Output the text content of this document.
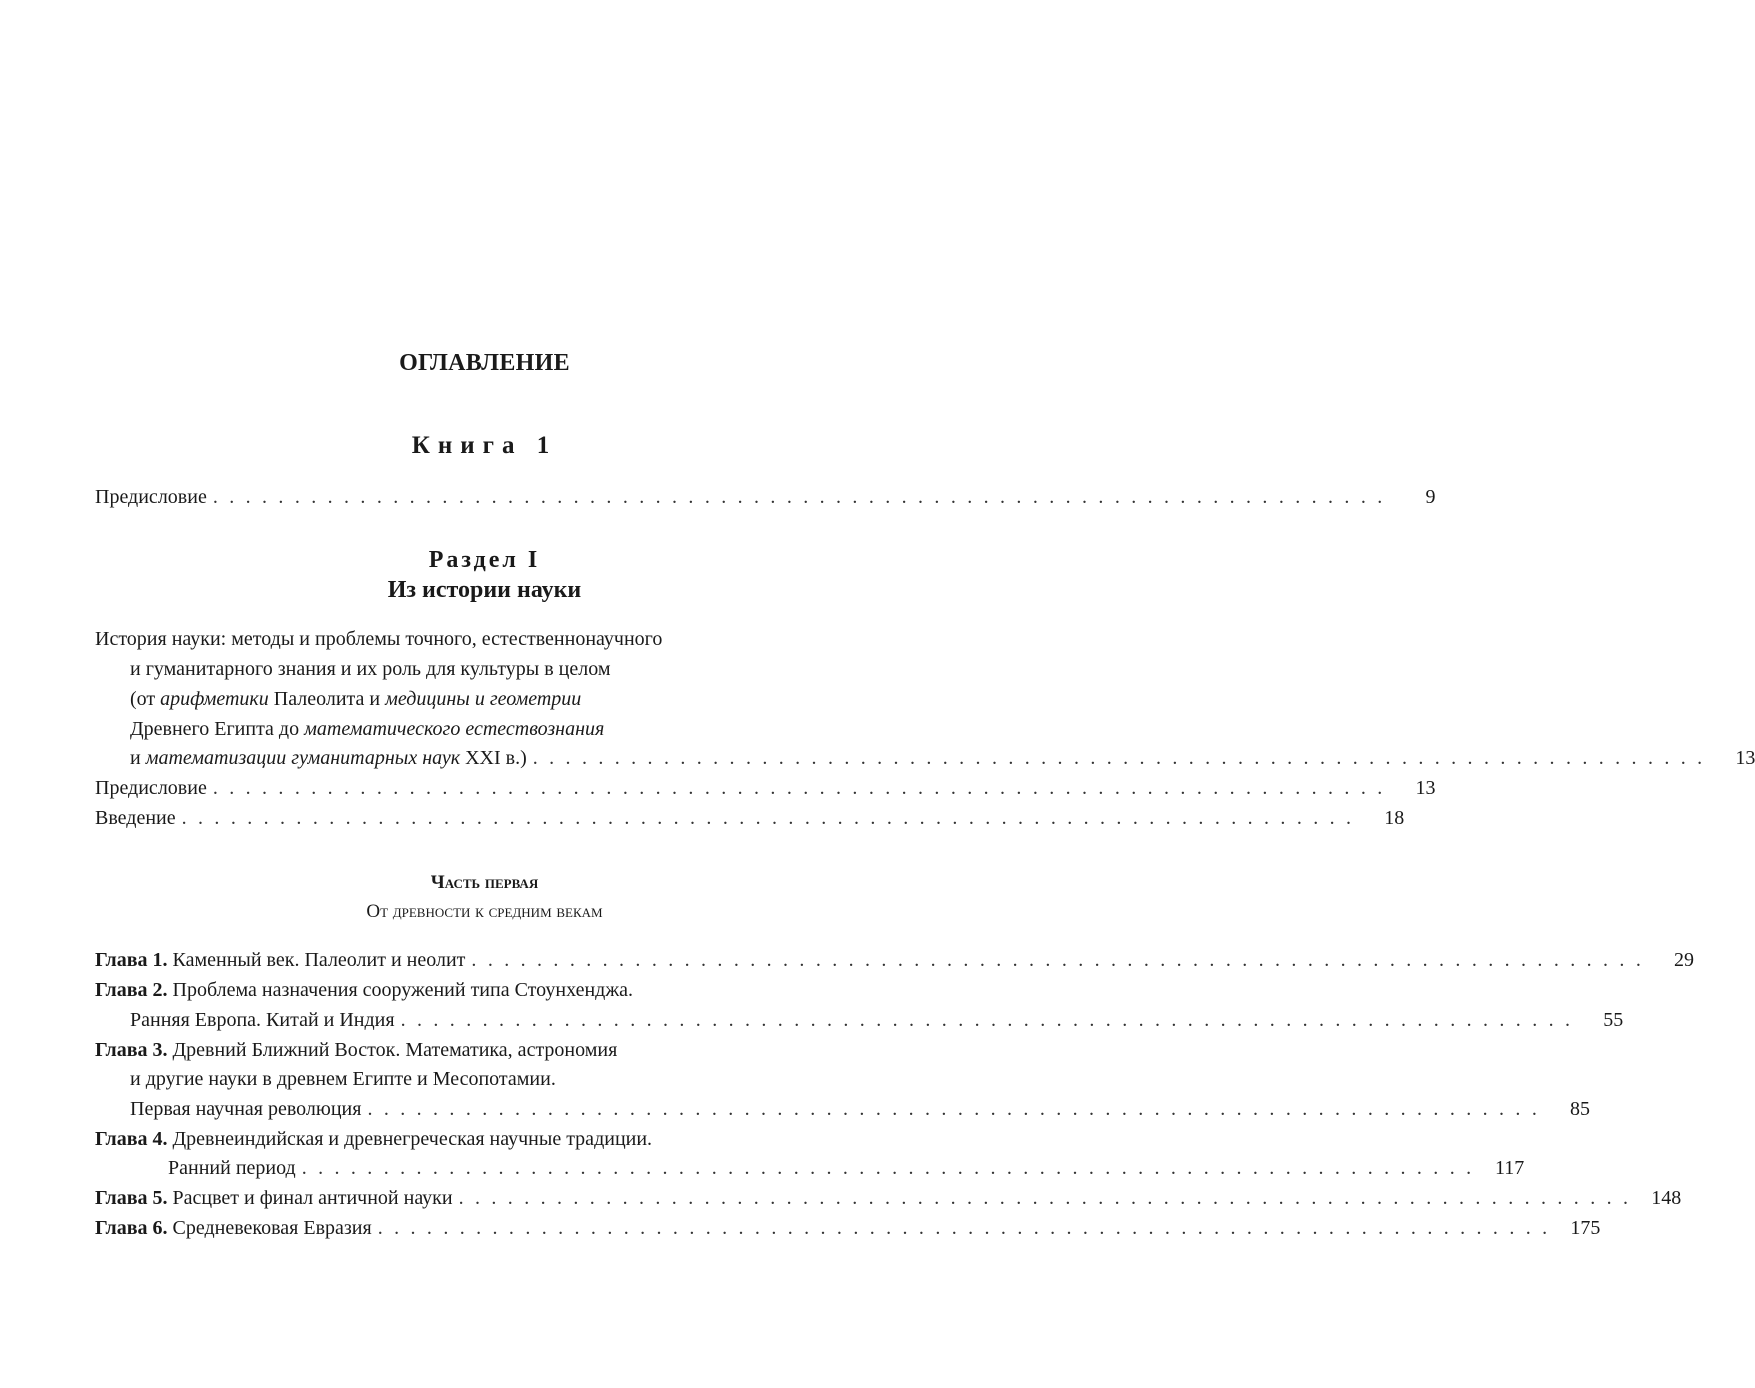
ОГЛАВЛЕНИЕ
Книга 1
Предисловие . . . . . . . . . . . . . . . . . . . . . . . . . . . . . . . . . . . . . . . . . . . . . . . . . . . . . . . . . . . . . . . . . . . . . . . .	9
Раздел I
Из истории науки
История науки: методы и проблемы точного, естественнонаучного
и гуманитарного знания и их роль для культуры в целом
(от арифметики Палеолита и медицины и геометрии
Древнего Египта до математического естествознания
и математизации гуманитарных наук XXI в.) . . . . . . . . . . . . . . . . . . . . . . . . . . . . . . . . . . . . . . . . . . . . . . . . . . . . . . . . . . . . . . . . . . . . . . . .	13
Предисловие . . . . . . . . . . . . . . . . . . . . . . . . . . . . . . . . . . . . . . . . . . . . . . . . . . . . . . . . . . . . . . . . . . . . . . . .	13
Введение . . . . . . . . . . . . . . . . . . . . . . . . . . . . . . . . . . . . . . . . . . . . . . . . . . . . . . . . . . . . . . . . . . . . . . . .	18
Часть первая
От древности к средним векам
Глава 1. Каменный век. Палеолит и неолит . . . . . . . . . . . . . . . . . . . . . . . . . . . . . . . . . . . . . . . . . . . . . . . . . . . . . . . . . . . . . . . . . . . . . . . .	29
Глава 2. Проблема назначения сооружений типа Стоунхенджа.
Ранняя Европа. Китай и Индия . . . . . . . . . . . . . . . . . . . . . . . . . . . . . . . . . . . . . . . . . . . . . . . . . . . . . . . . . . . . . . . . . . . . . . . .	55
Глава 3. Древний Ближний Восток. Математика, астрономия
и другие науки в древнем Египте и Месопотамии.
Первая научная революция . . . . . . . . . . . . . . . . . . . . . . . . . . . . . . . . . . . . . . . . . . . . . . . . . . . . . . . . . . . . . . . . . . . . . . . .	85
Глава 4. Древнеиндийская и древнегреческая научные традиции.
Ранний период . . . . . . . . . . . . . . . . . . . . . . . . . . . . . . . . . . . . . . . . . . . . . . . . . . . . . . . . . . . . . . . . . . . . . . . .	117
Глава 5. Расцвет и финал античной науки . . . . . . . . . . . . . . . . . . . . . . . . . . . . . . . . . . . . . . . . . . . . . . . . . . . . . . . . . . . . . . . . . . . . . . . .	148
Глава 6. Средневековая Евразия . . . . . . . . . . . . . . . . . . . . . . . . . . . . . . . . . . . . . . . . . . . . . . . . . . . . . . . . . . . . . . . . . . . . . . . .	175
